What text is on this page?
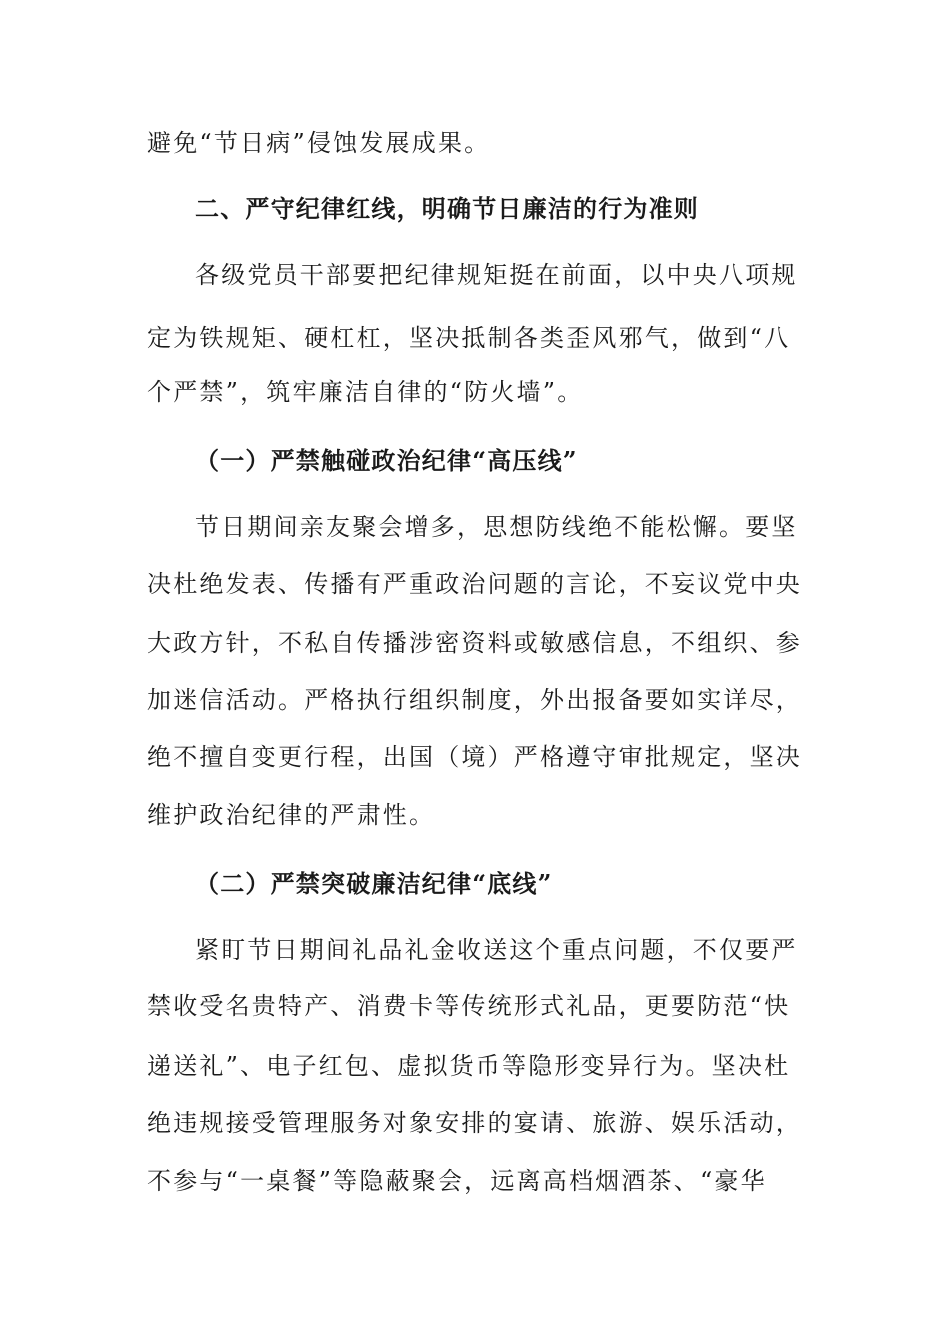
避免“节日病”侵蚀发展成果。
二、严守纪律红线，明确节日廉洁的行为准则
各级党员干部要把纪律规矩挺在前面，以中央八项规
定为铁规矩、硬杠杠，坚决抵制各类歪风邪气，做到“八
个严禁”，筑牢廉洁自律的“防火墙”。
（一）严禁触碰政治纪律“高压线”
节日期间亲友聚会增多，思想防线绝不能松懈。要坚
决杜绝发表、传播有严重政治问题的言论，不妄议党中央
大政方针，不私自传播涉密资料或敏感信息，不组织、参
加迷信活动。严格执行组织制度，外出报备要如实详尽，
绝不擅自变更行程，出国（境）严格遵守审批规定，坚决
维护政治纪律的严肃性。
（二）严禁突破廉洁纪律“底线”
紧盯节日期间礼品礼金收送这个重点问题，不仅要严
禁收受名贵特产、消费卡等传统形式礼品，更要防范“快
递送礼”、电子红包、虚拟货币等隐形变异行为。坚决杜
绝违规接受管理服务对象安排的宴请、旅游、娱乐活动，
不参与“一桌餐”等隐蔽聚会，远离高档烟酒茶、“豪华
